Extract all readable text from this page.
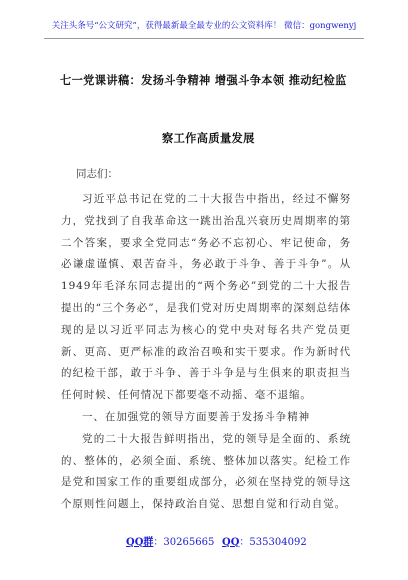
关注头条号“公文研究”，获得最新最全最专业的公文资料库！ 微信：gongwenyj
七一党课讲稿：发扬斗争精神 增强斗争本领 推动纪检监
察工作高质量发展
同志们：

习近平总书记在党的二十大报告中指出，经过不懈努力，党找到了自我革命这一跳出治乱兴衰历史周期率的第二个答案，要求全党同志“务必不忘初心、牢记使命，务必谦虚谨慎、艰苦奋斗，务必敢于斗争、善于斗争”。从1949年毛泽东同志提出的“两个务必”到党的二十大报告提出的“三个务必”，是我们党对历史周期率的深刻总结体现的是以习近平同志为核心的党中央对每名共产党员更新、更高、更严标准的政治召唤和实干要求。作为新时代的纪检干部，敢于斗争、善于斗争是与生俱来的职责担当任何时候、任何情况下都要毫不动摇、毫不退缩。

一、在加强党的领导方面要善于发扬斗争精神

党的二十大报告鲜明指出，党的领导是全面的、系统的、整体的，必须全面、系统、整体加以落实。纪检工作是党和国家工作的重要组成部分，必须在坚持党的领导这个原则性问题上，保持政治自觉、思想自觉和行动自觉。

QQ群：30265665 QQ：535304092
